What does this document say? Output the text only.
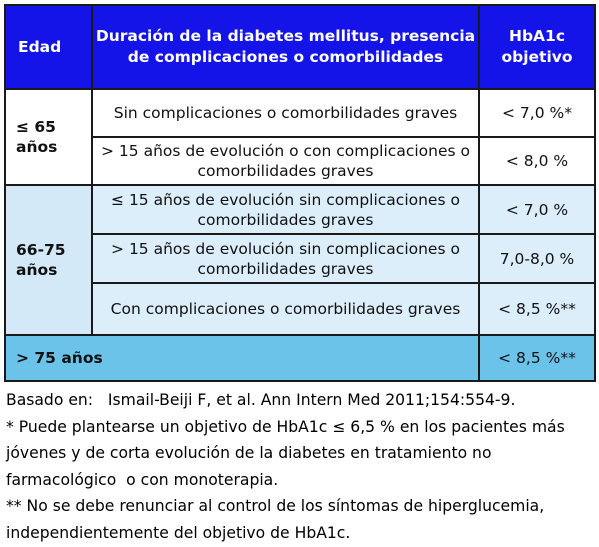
Edad	Duración de la diabetes mellitus, presencia de complicaciones o comorbilidades	HbA1c objetivo
≤ 65 años	Sin complicaciones o comorbilidades graves	< 7,0 %*
	> 15 años de evolución o con complicaciones o comorbilidades graves	< 8,0 %
66-75 años	≤ 15 años de evolución sin complicaciones o comorbilidades graves	< 7,0 %
	> 15 años de evolución sin complicaciones o comorbilidades graves	7,0-8,0 %
	Con complicaciones o comorbilidades graves	< 8,5 %**
> 75 años		< 8,5 %**

Basado en:   Ismail-Beiji F, et al. Ann Intern Med 2011;154:554-9.

* Puede plantearse un objetivo de HbA1c ≤ 6,5 % en los pacientes más jóvenes y de corta evolución de la diabetes en tratamiento no farmacológico  o con monoterapia.

** No se debe renunciar al control de los síntomas de hiperglucemia, independientemente del objetivo de HbA1c.
